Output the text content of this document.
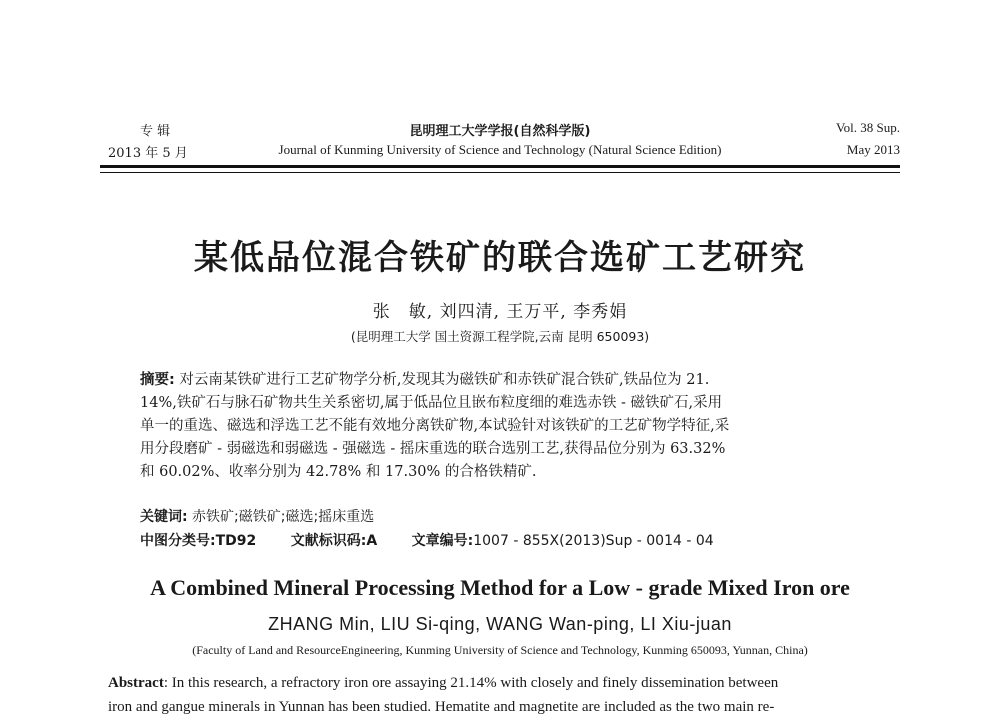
专 辑
2013 年 5 月
昆明理工大学学报(自然科学版)
Journal of Kunming University of Science and Technology (Natural Science Edition)
Vol. 38 Sup.
May 2013
某低品位混合铁矿的联合选矿工艺研究
张　敏, 刘四清, 王万平, 李秀娟
(昆明理工大学 国土资源工程学院,云南 昆明 650093)
摘要: 对云南某铁矿进行工艺矿物学分析,发现其为磁铁矿和赤铁矿混合铁矿,铁品位为 21.
14%,铁矿石与脉石矿物共生关系密切,属于低品位且嵌布粒度细的难选赤铁 - 磁铁矿石,采用
单一的重选、磁选和浮选工艺不能有效地分离铁矿物,本试验针对该铁矿的工艺矿物学特征,采
用分段磨矿 - 弱磁选和弱磁选 - 强磁选 - 摇床重选的联合选别工艺,获得品位分别为 63.32%
和 60.02%、收率分别为 42.78% 和 17.30% 的合格铁精矿.
关键词: 赤铁矿;磁铁矿;磁选;摇床重选
中图分类号:TD92 文献标识码:A 文章编号:1007 - 855X(2013)Sup - 0014 - 04
A Combined Mineral Processing Method for a Low - grade Mixed Iron ore
ZHANG Min, LIU Si-qing, WANG Wan-ping, LI Xiu-juan
(Faculty of Land and ResourceEngineering, Kunming University of Science and Technology, Kunming 650093, Yunnan, China)
Abstract: In this research, a refractory iron ore assaying 21.14% with closely and finely dissemination between
iron and gangue minerals in Yunnan has been studied. Hematite and magnetite are included as the two main re-
